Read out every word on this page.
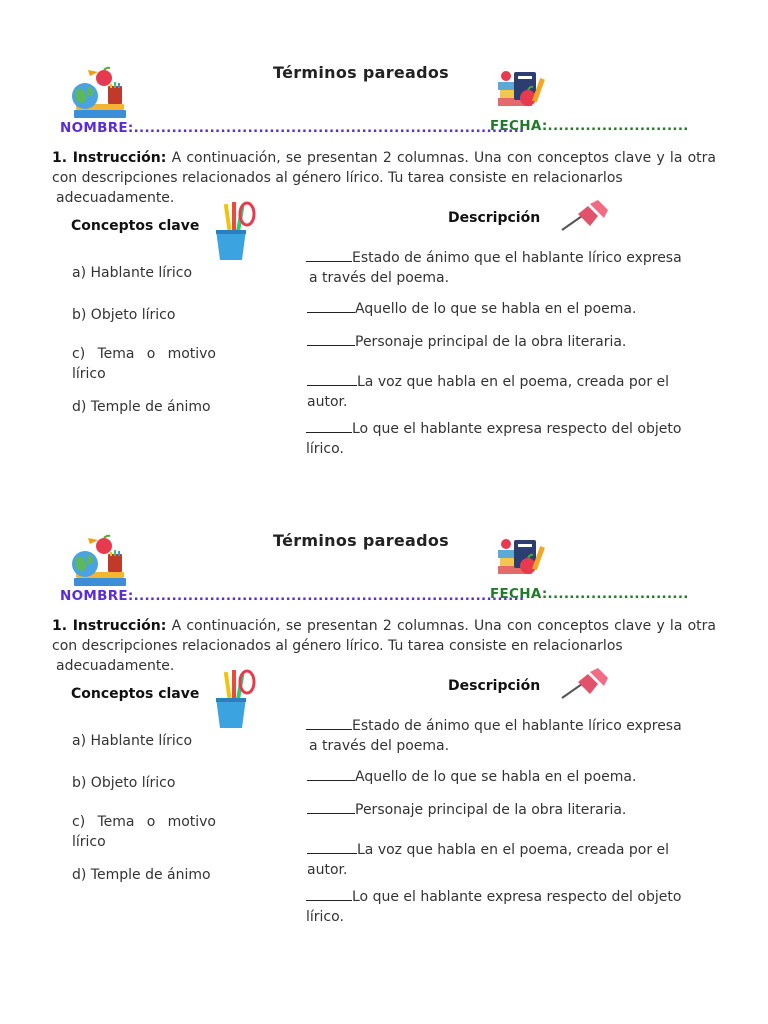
Términos pareados
NOMBRE:........................................................................
FECHA:..........................
1. Instrucción: A continuación, se presentan 2 columnas. Una con conceptos clave y la otra con descripciones relacionados al género lírico. Tu tarea consiste en relacionarlos
adecuadamente.
Conceptos clave	Descripción
a) Hablante lírico
b) Objeto lírico
c) Tema o motivo
lírico
d) Temple de ánimo
Estado de ánimo que el hablante lírico expresa
a través del poema.
Aquello de lo que se habla en el poema.
Personaje principal de la obra literaria.
La voz que habla en el poema, creada por el
autor.
Lo que el hablante expresa respecto del objeto
lírico.
Términos pareados
NOMBRE:........................................................................
FECHA:..........................
1. Instrucción: A continuación, se presentan 2 columnas. Una con conceptos clave y la otra con descripciones relacionados al género lírico. Tu tarea consiste en relacionarlos
adecuadamente.
Conceptos clave	Descripción
a) Hablante lírico
b) Objeto lírico
c) Tema o motivo
lírico
d) Temple de ánimo
Estado de ánimo que el hablante lírico expresa
a través del poema.
Aquello de lo que se habla en el poema.
Personaje principal de la obra literaria.
La voz que habla en el poema, creada por el
autor.
Lo que el hablante expresa respecto del objeto
lírico.
